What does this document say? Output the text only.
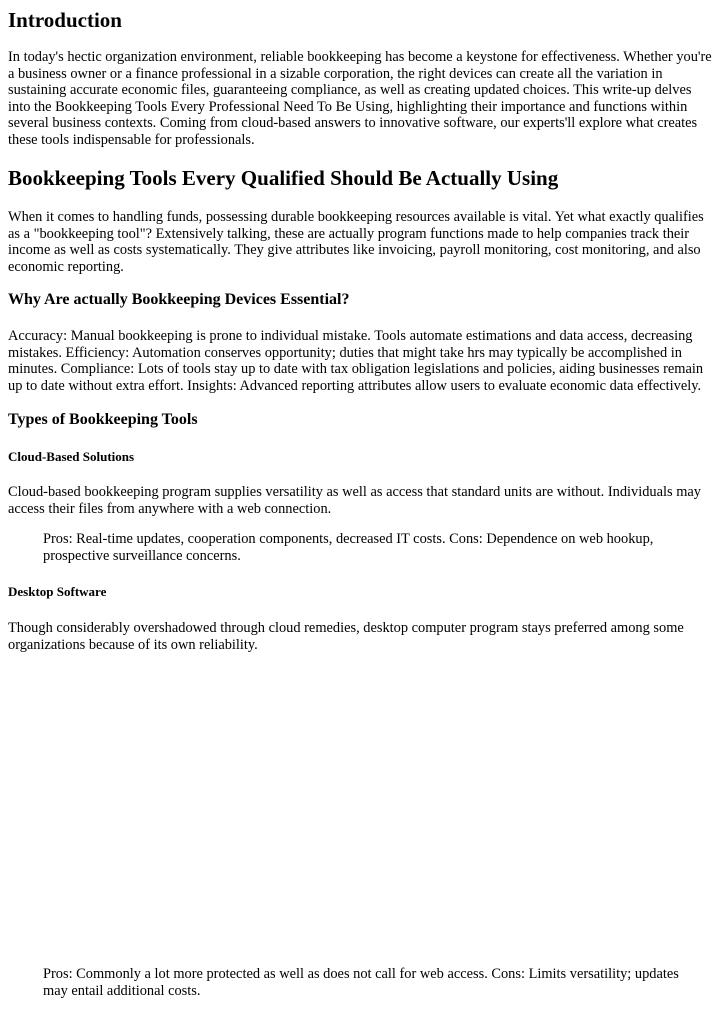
Introduction

In today's hectic organization environment, reliable bookkeeping has become a keystone for effectiveness. Whether you're a business owner or a finance professional in a sizable corporation, the right devices can create all the variation in sustaining accurate economic files, guaranteeing compliance, as well as creating updated choices. This write-up delves into the Bookkeeping Tools Every Professional Need To Be Using, highlighting their importance and functions within several business contexts. Coming from cloud-based answers to innovative software, our experts'll explore what creates these tools indispensable for professionals.

Bookkeeping Tools Every Qualified Should Be Actually Using

When it comes to handling funds, possessing durable bookkeeping resources available is vital. Yet what exactly qualifies as a "bookkeeping tool"? Extensively talking, these are actually program functions made to help companies track their income as well as costs systematically. They give attributes like invoicing, payroll monitoring, cost monitoring, and also economic reporting.

Why Are actually Bookkeeping Devices Essential?

Accuracy: Manual bookkeeping is prone to individual mistake. Tools automate estimations and data access, decreasing mistakes. Efficiency: Automation conserves opportunity; duties that might take hrs may typically be accomplished in minutes. Compliance: Lots of tools stay up to date with tax obligation legislations and policies, aiding businesses remain up to date without extra effort. Insights: Advanced reporting attributes allow users to evaluate economic data effectively.

Types of Bookkeeping Tools
Cloud-Based Solutions

Cloud-based bookkeeping program supplies versatility as well as access that standard units are without. Individuals may access their files from anywhere with a web connection.

Pros: Real-time updates, cooperation components, decreased IT costs. Cons: Dependence on web hookup, prospective surveillance concerns.
Desktop Software

Though considerably overshadowed through cloud remedies, desktop computer program stays preferred among some organizations because of its own reliability.

Pros: Commonly a lot more protected as well as does not call for web access. Cons: Limits versatility; updates may entail additional costs.
